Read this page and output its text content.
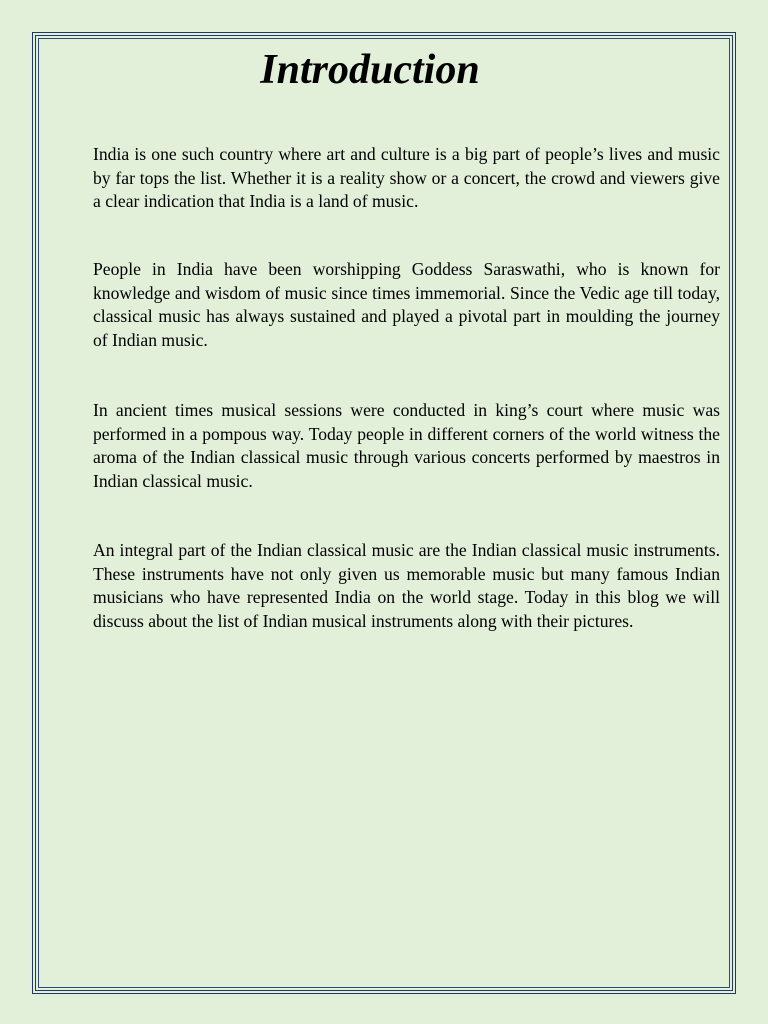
Introduction

India is one such country where art and culture is a big part of people’s lives and music by far tops the list. Whether it is a reality show or a concert, the crowd and viewers give a clear indication that India is a land of music.

People in India have been worshipping Goddess Saraswathi, who is known for knowledge and wisdom of music since times immemorial. Since the Vedic age till today, classical music has always sustained and played a pivotal part in moulding the journey of Indian music.

In ancient times musical sessions were conducted in king’s court where music was performed in a pompous way. Today people in different corners of the world witness the aroma of the Indian classical music through various concerts performed by maestros in Indian classical music.

An integral part of the Indian classical music are the Indian classical music instruments. These instruments have not only given us memorable music but many famous Indian musicians who have represented India on the world stage. Today in this blog we will discuss about the list of Indian musical instruments along with their pictures.
